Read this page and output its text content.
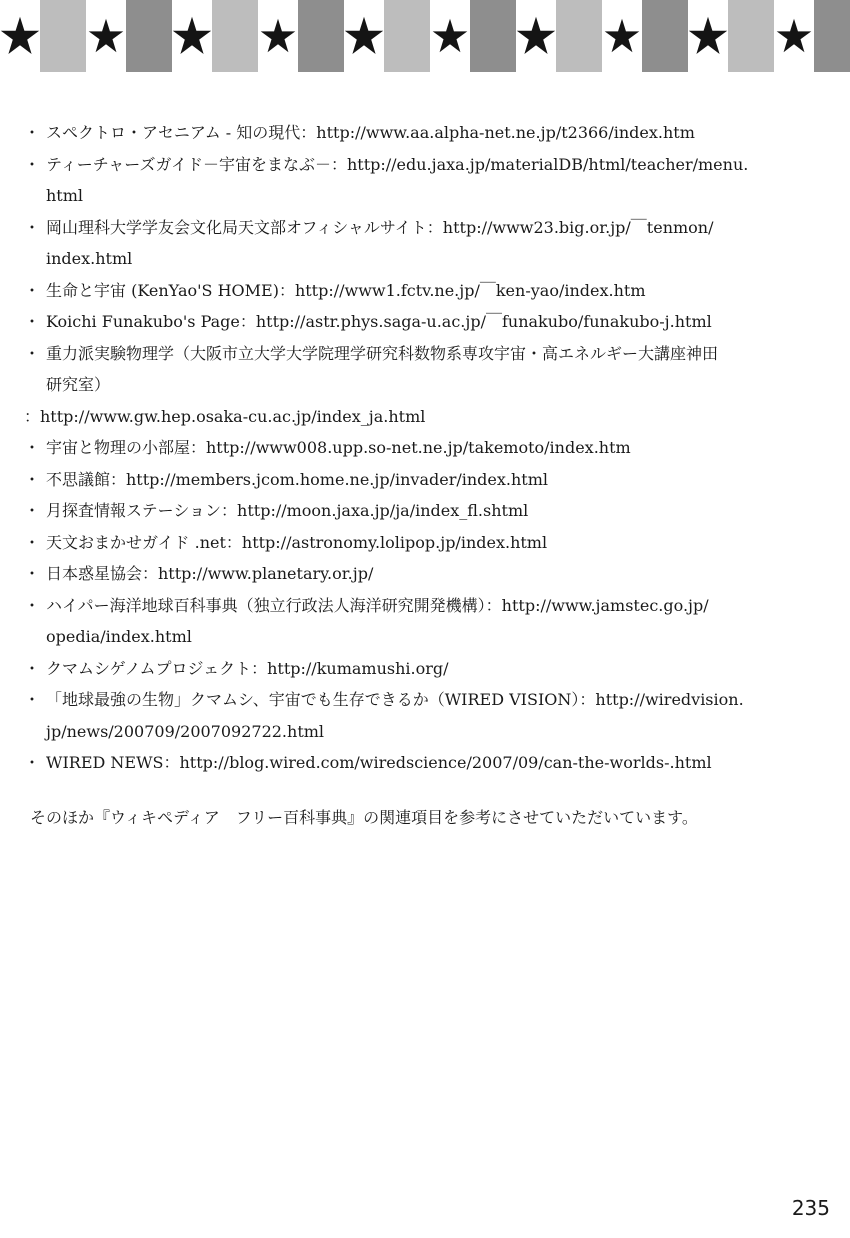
・ スペクトロ・アセニアム - 知の現代：http://www.aa.alpha-net.ne.jp/t2366/index.htm
・ ティーチャーズガイド－宇宙をまなぶ－：http://edu.jaxa.jp/materialDB/html/teacher/menu.
html
・ 岡山理科大学学友会文化局天文部オフィシャルサイト：http://www23.big.or.jp/￣tenmon/
index.html
・ 生命と宇宙 (KenYao'S HOME)：http://www1.fctv.ne.jp/￣ken-yao/index.htm
・ Koichi Funakubo's Page：http://astr.phys.saga-u.ac.jp/￣funakubo/funakubo-j.html
・ 重力派実験物理学（大阪市立大学大学院理学研究科数物系専攻宇宙・高エネルギー大講座神田
研究室）
：http://www.gw.hep.osaka-cu.ac.jp/index_ja.html
・ 宇宙と物理の小部屋：http://www008.upp.so-net.ne.jp/takemoto/index.htm
・ 不思議館：http://members.jcom.home.ne.jp/invader/index.html
・ 月探査情報ステーション：http://moon.jaxa.jp/ja/index_fl.shtml
・ 天文おまかせガイド .net：http://astronomy.lolipop.jp/index.html
・ 日本惑星協会：http://www.planetary.or.jp/
・ ハイパー海洋地球百科事典（独立行政法人海洋研究開発機構）：http://www.jamstec.go.jp/
opedia/index.html
・ クマムシゲノムプロジェクト：http://kumamushi.org/
・ 「地球最強の生物」クマムシ、宇宙でも生存できるか（WIRED VISION）：http://wiredvision.
jp/news/200709/2007092722.html
・ WIRED NEWS：http://blog.wired.com/wiredscience/2007/09/can-the-worlds-.html

そのほか『ウィキペディア　フリー百科事典』の関連項目を参考にさせていただいています。

235
